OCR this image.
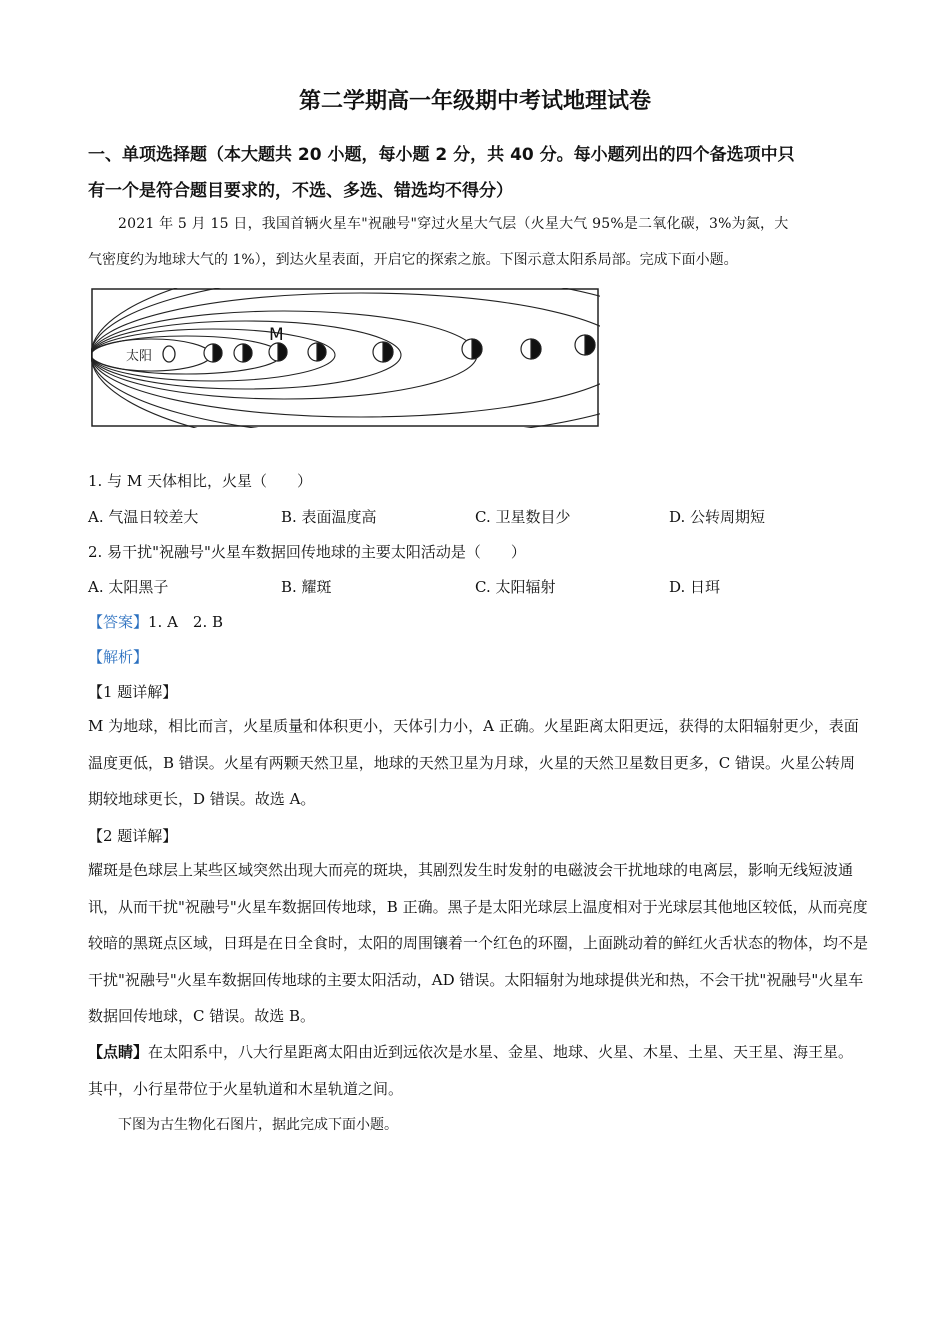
第二学期高一年级期中考试地理试卷
一、单项选择题（本大题共 20 小题，每小题 2 分，共 40 分。每小题列出的四个备选项中只
有一个是符合题目要求的，不选、多选、错选均不得分）
2021 年 5 月 15 日，我国首辆火星车"祝融号"穿过火星大气层（火星大气 95%是二氧化碳，3%为氮，大
气密度约为地球大气的 1%），到达火星表面，开启它的探索之旅。下图示意太阳系局部。完成下面小题。
太阳
M
1. 与 M 天体相比，火星（　　）
A. 气温日较差大	B. 表面温度高	C. 卫星数目少	D. 公转周期短
2. 易干扰"祝融号"火星车数据回传地球的主要太阳活动是（　　）
A. 太阳黑子	B. 耀斑	C. 太阳辐射	D. 日珥
【答案】1. A　2. B
【解析】
【1 题详解】
M 为地球，相比而言，火星质量和体积更小，天体引力小，A 正确。火星距离太阳更远，获得的太阳辐射更少，表面温度更低，B 错误。火星有两颗天然卫星，地球的天然卫星为月球，火星的天然卫星数目更多，C 错误。火星公转周期较地球更长，D 错误。故选 A。
【2 题详解】
耀斑是色球层上某些区域突然出现大而亮的斑块，其剧烈发生时发射的电磁波会干扰地球的电离层，影响无线短波通讯，从而干扰"祝融号"火星车数据回传地球，B 正确。黑子是太阳光球层上温度相对于光球层其他地区较低，从而亮度较暗的黑斑点区域，日珥是在日全食时，太阳的周围镶着一个红色的环圈，上面跳动着的鲜红火舌状态的物体，均不是干扰"祝融号"火星车数据回传地球的主要太阳活动，AD 错误。太阳辐射为地球提供光和热，不会干扰"祝融号"火星车数据回传地球，C 错误。故选 B。
【点睛】在太阳系中，八大行星距离太阳由近到远依次是水星、金星、地球、火星、木星、土星、天王星、海王星。其中，小行星带位于火星轨道和木星轨道之间。
下图为古生物化石图片，据此完成下面小题。
